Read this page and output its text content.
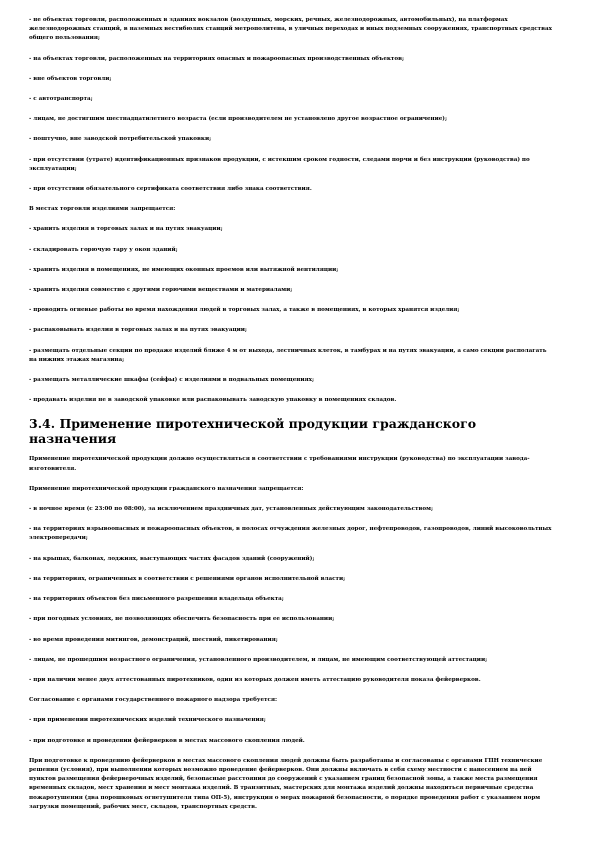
- не объектах торговли, расположенных в зданиях вокзалов (воздушных, морских, речных, железнодорожных, автомобильных), на платформах железнодорожных станций, в наземных вестибюлях станций метрополитена, в уличных переходах и иных подземных сооружениях, транспортных средствах общего пользования;

- на объектах торговли, расположенных на территориях опасных и пожароопасных производственных объектов;

- вне объектов торговли;

- с автотранспорта;

- лицам, не достигшим шестнадцатилетнего возраста (если производителем не установлено другое возрастное ограничение);

- поштучно, вне заводской потребительской упаковки;

- при отсутствии (утрате) идентификационных признаков продукции, с истекшим сроком годности, следами порчи и без инструкции (руководства) по эксплуатации;

- при отсутствии обязательного сертификата соответствия либо знака соответствия.

В местах торговли изделиями запрещается:

- хранить изделия в торговых залах и на путях эвакуации;

- складировать горючую тару у окон зданий;

- хранить изделия в помещениях, не имеющих оконных проемов или вытяжной вентиляции;

- хранить изделия совместно с другими горючими веществами и материалами;

- проводить огневые работы во время нахождения людей в торговых залах, а также в помещениях, в которых хранятся изделия;

- распаковывать изделия в торговых залах и на путях эвакуации;

- размещать отдельные секции по продаже изделий ближе 4 м от выхода, лестничных клеток, в тамбурах и на путях эвакуации, а само секции располагать на нижних этажах магазина;

- размещать металлические шкафы (сейфы) с изделиями в подвальных помещениях;

- продавать изделия не в заводской упаковке или распаковывать заводскую упаковку в помещениях складов.

3.4. Применение пиротехнической продукции гражданского назначения

Применение пиротехнической продукции должно осуществляться в соответствии с требованиями инструкции (руководства) по эксплуатации завода-изготовителя.

Применение пиротехнической продукции гражданского назначения запрещается:

- в ночное время (с 23:00 по 08:00), за исключением праздничных дат, установленных действующим законодательством;

- на территориях взрывоопасных и пожароопасных объектов, в полосах отчуждения железных дорог, нефтепроводов, газопроводов, линий высоковольтных электропередачи;

- на крышах, балконах, лоджиях, выступающих частях фасадов зданий (сооружений);

- на территориях, ограниченных в соответствии с решениями органов исполнительной власти;

- на территориях объектов без письменного разрешения владельца объекта;

- при погодных условиях, не позволяющих обеспечить безопасность при ее использовании;

- во время проведения митингов, демонстраций, шествий, пикетирования;

- лицам, не прошедшим возрастного ограничения, установленного производителем, и лицам, не имеющим соответствующей аттестации;

- при наличии менее двух аттестованных пиротехников, один из которых должен иметь аттестацию руководителя показа фейерверков.

Согласование с органами государственного пожарного надзора требуется:

- при применении пиротехнических изделий технического назначения;

- при подготовке и проведении фейерверков в местах массового скопления людей.

При подготовке к проведению фейерверков в местах массового скопления людей должны быть разработаны и согласованы с органами ГПН технические решения (условия), при выполнении которых возможно проведение фейерверков. Они должны включать в себя схему местности с нанесением на ней пунктов размещения фейерверочных изделий, безопасные расстояния до сооружений с указанием границ безопасной зоны, а также места размещения временных складов, мест хранения и мест монтажа изделий. В транзитных, мастерских для монтажа изделий должны находиться первичные средства пожаротушения (два порошковых огнетушителя типа ОП-5), инструкция о мерах пожарной безопасности, о порядке проведения работ с указанием норм загрузки помещений, рабочих мест, складов, транспортных средств.
